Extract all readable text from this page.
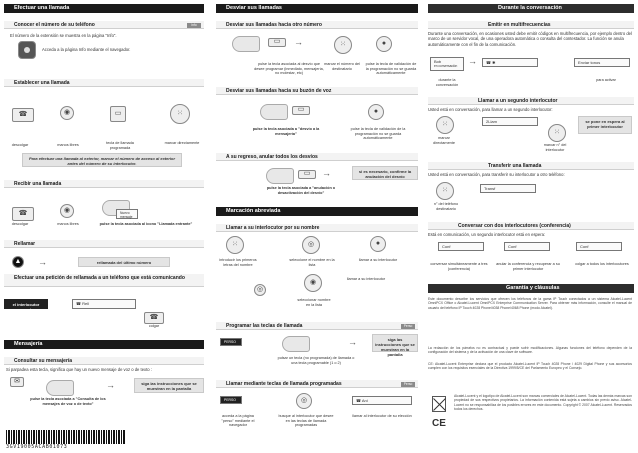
Efectuar una llamada
Conocer el número de su teléfono	Info
El número de la extensión se muestra en la página "Info".
Acceda a la página Info mediante el navegador.
Establecer una llamada
☎	◉	▭	⁙
descolgar	manos libres	tecla de llamada programada
marcar directamente
Para efectuar una llamada al exterior, marcar el número de acceso al exterior antes del número de su interlocutor.
Recibir una llamada
☎	◉	Nuevo mensaje
descolgar	manos libres	pulse la tecla asociada al icono "Llamada entrante"
Rellamar
▲ →	rellamada del último número
Efectuar una petición de rellamada a un teléfono que está comunicando
el interlocutor comunica
☎ Rell
☎
colgar
Mensajería
Consultar su mensajería
Si parpadea esta tecla, significa que hay un nuevo mensaje de voz o de texto :
✉	→	siga las instrucciones que se muestran en la pantalla
pulse la tecla asociada a "Consulta de los mensajes de voz o de texto"
3GV19005ACAB01073
Desviar sus llamadas
Desviar sus llamadas hacia otro número
▭	→	⁙	●
pulse la tecla asociada al desvío que desee programar (inmediato, mensajería, no molestar, etc)
marcar el número del destinatario
pulse la tecla de validación de la programación no se guarda automáticamente
Desviar sus llamadas hacia su buzón de voz
▭	●
pulse la tecla asociada a "desvío a la mensajería"
pulse la tecla de validación de la programación no se guarda automáticamente
A su regreso, anular todos los desvíos
▭	→	si es necesario, confirme la anulación del desvío
pulse la tecla asociada a "anulación o desactivación del desvío"
Marcación abreviada
Llamar a su interlocutor por su nombre
⁙	◎	●
introducir los primeros letras del nombre
seleccione el nombre en la lista
llamar a su interlocutor
◎
◉
seleccionar nombre en la lista
llamar a su interlocutor
Programar las teclas de llamada	Perso
PERSO	→	siga las instrucciones que se muestran en la pantalla
pulsar un tecla (no programada) de llamada o una tecla programable (1 o 2)
Llamar mediante teclas de llamada programadas	Perso
PERSO	◎	☎ Ani
acceda a la página "perso" mediante el navegador
busque al interlocutor que desee en las teclas de llamada programadas
llamar al interlocutor de su elección
Durante la conversación
Emitir en multifrecuencias
Durante una conversación, en ocasiones usted debe emitir códigos en multifrecuencia, por ejemplo dentro del marco de un servidor vocal, de una operadora automática o consulta del contestador. La función se anula automáticamente con el fin de la comunicación.
Bob
en conversación	→	☎ ✱	Enviar tonos
durante la conversación
para activar
Llamar a un segundo interlocutor
Usted está en conversación, para llamar a un segundo interlocutor:
⁙	2Llam
⁙
se pone en espera al primer interlocutor
marcar directamente
marcar n° del interlocutor
Transferir una llamada
Usted está en conversación, para transferir su interlocutor a otro teléfono:
⁙	Transf
n° del teléfono destinatario
Conversar con dos interlocutores (conferencia)
Está en comunicación, un segundo interlocutor está en espera:
Conf	Conf	Conf
conversar simultáneamente a tres (conferencia)
anular la conferencia y recuperar a su primer interlocutor
colgar a todos los interlocutores
Garantía y cláusulas
Este documento describe los servicios que ofrecen los teléfonos de la gama IP Touch conectados a un sistema Alcatel-Lucent OmniPCX Office o Alcatel-Lucent OmniPCX Enterprise Communication Server. Para obtener más información, consulte el manual de usuario del teléfono IP Touch 4028 Phone/4038 Phone/4068 Phone (modo Alcatel).
La redacción de los párrafos no es contractual y puede sufrir modificaciones. Algunas funciones del teléfono dependen de la configuración del sistema y de la activación de una clave de software.
CE: Alcatel-Lucent Enterprise declara que el producto Alcatel-Lucent IP Touch 4028 Phone / 4029 Digital Phone y sus accesorios cumplen con los requisitos esenciales de la Directiva 1999/5/CE del Parlamento Europeo y el Consejo.
CE
Alcatel-Lucent y el logotipo de Alcatel-Lucent son marcas comerciales de Alcatel-Lucent. Todas las demás marcas son propiedad de sus respectivos propietarios. La información contenida está sujeta a cambios sin previo aviso. Alcatel-Lucent no se responsabiliza de los posibles errores en este documento. Copyright © 2007 Alcatel-Lucent. Reservados todos los derechos.
